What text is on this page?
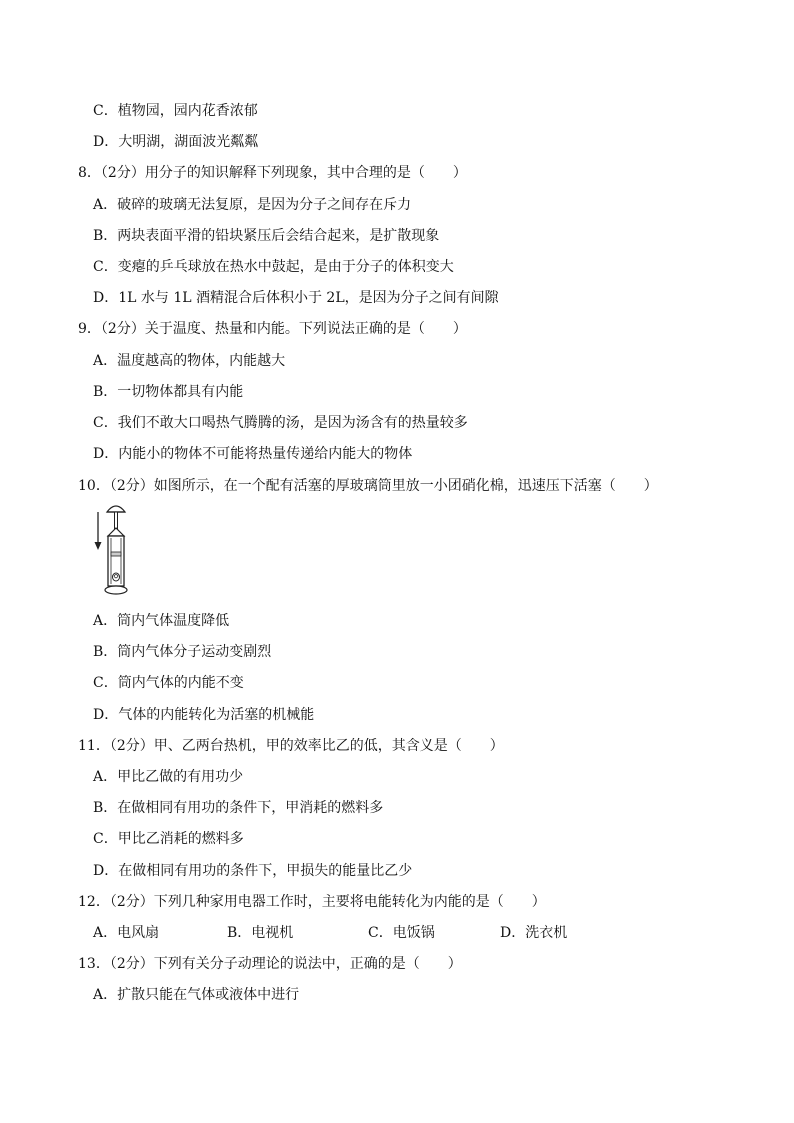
C．植物园，园内花香浓郁
D．大明湖，湖面波光粼粼
8．（2分）用分子的知识解释下列现象，其中合理的是（　　）
A．破碎的玻璃无法复原，是因为分子之间存在斥力
B．两块表面平滑的铅块紧压后会结合起来，是扩散现象
C．变瘪的乒乓球放在热水中鼓起，是由于分子的体积变大
D．1L 水与 1L 酒精混合后体积小于 2L，是因为分子之间有间隙
9．（2分）关于温度、热量和内能。下列说法正确的是（　　）
A．温度越高的物体，内能越大
B．一切物体都具有内能
C．我们不敢大口喝热气腾腾的汤，是因为汤含有的热量较多
D．内能小的物体不可能将热量传递给内能大的物体
10．（2分）如图所示，在一个配有活塞的厚玻璃筒里放一小团硝化棉，迅速压下活塞（　　）
A．筒内气体温度降低
B．筒内气体分子运动变剧烈
C．筒内气体的内能不变
D．气体的内能转化为活塞的机械能
11．（2分）甲、乙两台热机，甲的效率比乙的低，其含义是（　　）
A．甲比乙做的有用功少
B．在做相同有用功的条件下，甲消耗的燃料多
C．甲比乙消耗的燃料多
D．在做相同有用功的条件下，甲损失的能量比乙少
12．（2分）下列几种家用电器工作时，主要将电能转化为内能的是（　　）
A．电风扇	B．电视机	C．电饭锅	D．洗衣机
13．（2分）下列有关分子动理论的说法中，正确的是（　　）
A．扩散只能在气体或液体中进行
